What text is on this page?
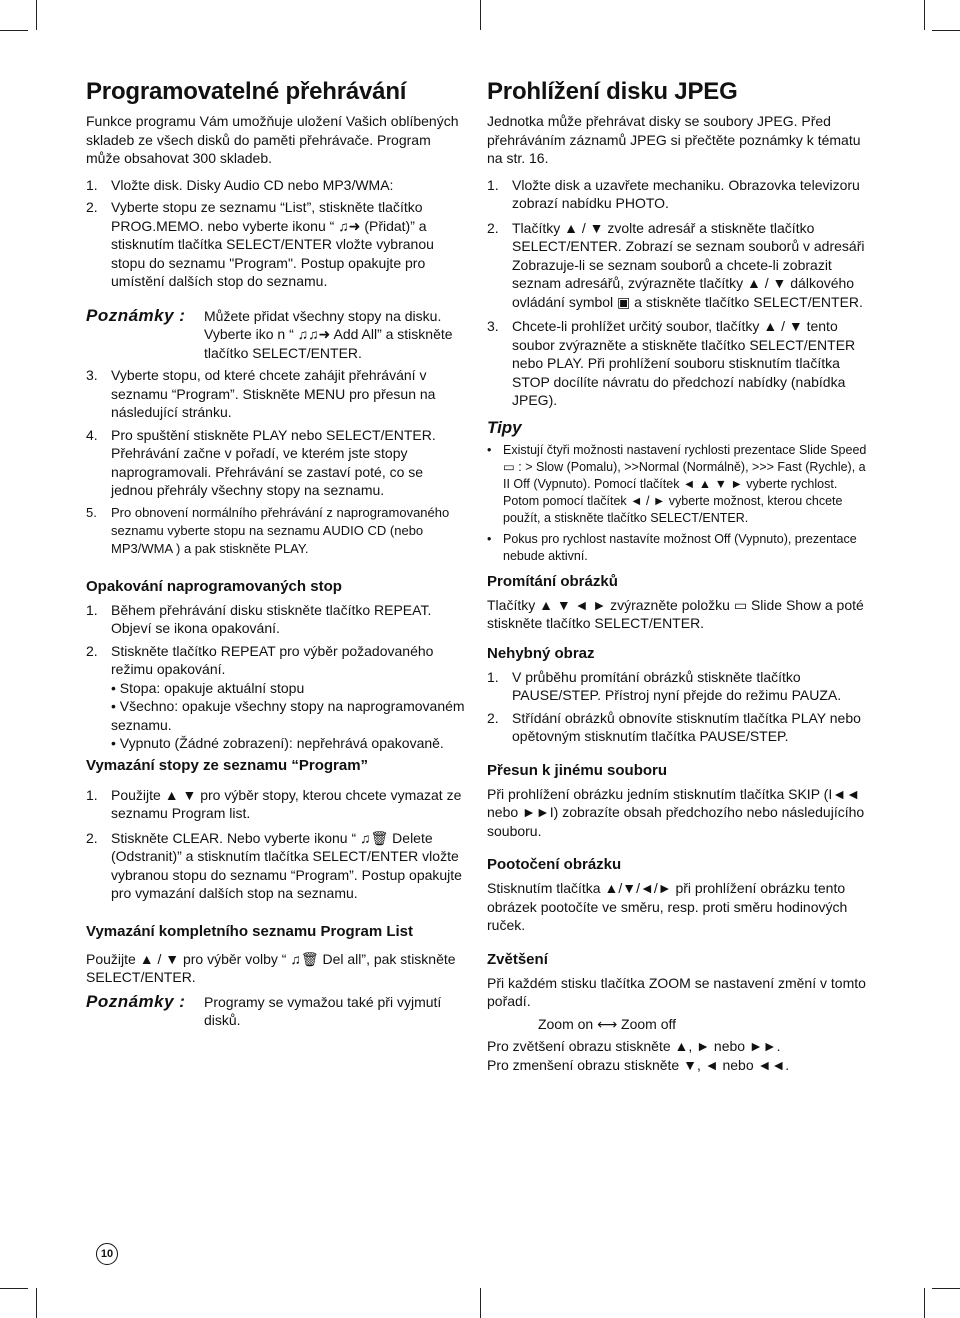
Programovatelné přehrávání
Funkce programu Vám umožňuje uložení Vašich oblíbených skladeb ze všech disků do paměti přehrávače. Program může obsahovat 300 skladeb.
1. Vložte disk. Disky Audio CD nebo MP3/WMA:
2. Vyberte stopu ze seznamu “List”, stiskněte tlačítko PROG.MEMO. nebo vyberte ikonu “ ♫➜ (Přidat)” a stisknutím tlačítka SELECT/ENTER vložte vybranou stopu do seznamu "Program". Postup opakujte pro umístění dalších stop do seznamu.
Poznámky :	Můžete přidat všechny stopy na disku. Vyberte iko n “ ♫♫➜ Add All” a stiskněte tlačítko SELECT/ENTER.
3. Vyberte stopu, od které chcete zahájit přehrávání v seznamu “Program”. Stiskněte MENU pro přesun na následující stránku.
4. Pro spuštění stiskněte PLAY nebo SELECT/ENTER. Přehrávání začne v pořadí, ve kterém jste stopy naprogramovali. Přehrávání se zastaví poté, co se jednou přehrály všechny stopy na seznamu.
5.	Pro obnovení normálního přehrávání z naprogramovaného seznamu vyberte stopu na seznamu AUDIO CD (nebo MP3/WMA ) a pak stiskněte PLAY.
Opakování naprogramovaných stop
1. Během přehrávání disku stiskněte tlačítko REPEAT. Objeví se ikona opakování.
2. Stiskněte tlačítko REPEAT pro výběr požadovaného režimu opakování.
• Stopa: opakuje aktuální stopu
• Všechno: opakuje všechny stopy na naprogramovaném seznamu.
• Vypnuto (Žádné zobrazení): nepřehrává opakovaně.
Vymazání stopy ze seznamu “Program”
1. Použijte ▲ ▼ pro výběr stopy, kterou chcete vymazat ze seznamu Program list.
2. Stiskněte CLEAR. Nebo vyberte ikonu “ ♫🗑 Delete (Odstranit)” a stisknutím tlačítka SELECT/ENTER vložte vybranou stopu do seznamu “Program”. Postup opakujte pro vymazání dalších stop na seznamu.
Vymazání kompletního seznamu Program List
Použijte ▲ / ▼ pro výběr volby “ ♫🗑 Del all”, pak stiskněte SELECT/ENTER.
Poznámky :	Programy se vymažou také při vyjmutí disků.
Prohlížení disku JPEG
Jednotka může přehrávat disky se soubory JPEG. Před přehráváním záznamů JPEG si přečtěte poznámky k tématu na str. 16.
1. Vložte disk a uzavřete mechaniku. Obrazovka televizoru zobrazí nabídku PHOTO.
2. Tlačítky ▲ / ▼ zvolte adresář a stiskněte tlačítko SELECT/ENTER. Zobrazí se seznam souborů v adresáři Zobrazuje-li se seznam souborů a chcete-li zobrazit seznam adresářů, zvýrazněte tlačítky ▲ / ▼ dálkového ovládání symbol ▣ a stiskněte tlačítko SELECT/ENTER.
3. Chcete-li prohlížet určitý soubor, tlačítky ▲ / ▼ tento soubor zvýrazněte a stiskněte tlačítko SELECT/ENTER nebo PLAY. Při prohlížení souboru stisknutím tlačítka STOP docílíte návratu do předchozí nabídky (nabídka JPEG).
Tipy
• Existují čtyři možnosti nastavení rychlosti prezentace Slide Speed ▭ : > Slow (Pomalu), >>Normal (Normálně), >>> Fast (Rychle), a II Off (Vypnuto). Pomocí tlačítek ◄ ▲ ▼ ► vyberte rychlost. Potom pomocí tlačítek ◄ / ► vyberte možnost, kterou chcete použít, a stiskněte tlačítko SELECT/ENTER.
• Pokus pro rychlost nastavíte možnost Off (Vypnuto), prezentace nebude aktivní.
Promítání obrázků
Tlačítky ▲ ▼ ◄ ► zvýrazněte položku ▭ Slide Show a poté stiskněte tlačítko SELECT/ENTER.
Nehybný obraz
1. V průběhu promítání obrázků stiskněte tlačítko PAUSE/STEP. Přístroj nyní přejde do režimu PAUZA.
2. Střídání obrázků obnovíte stisknutím tlačítka PLAY nebo opětovným stisknutím tlačítka PAUSE/STEP.
Přesun k jinému souboru
Při prohlížení obrázku jedním stisknutím tlačítka SKIP (I◄◄ nebo ►►I) zobrazíte obsah předchozího nebo následujícího souboru.
Pootočení obrázku
Stisknutím tlačítka ▲/▼/◄/► při prohlížení obrázku tento obrázek pootočíte ve směru, resp. proti směru hodinových ruček.
Zvětšení
Při každém stisku tlačítka ZOOM se nastavení změní v tomto pořadí.
Zoom on ⟷ Zoom off
Pro zvětšení obrazu stiskněte ▲, ► nebo ►►.
Pro zmenšení obrazu stiskněte ▼, ◄ nebo ◄◄.
10
